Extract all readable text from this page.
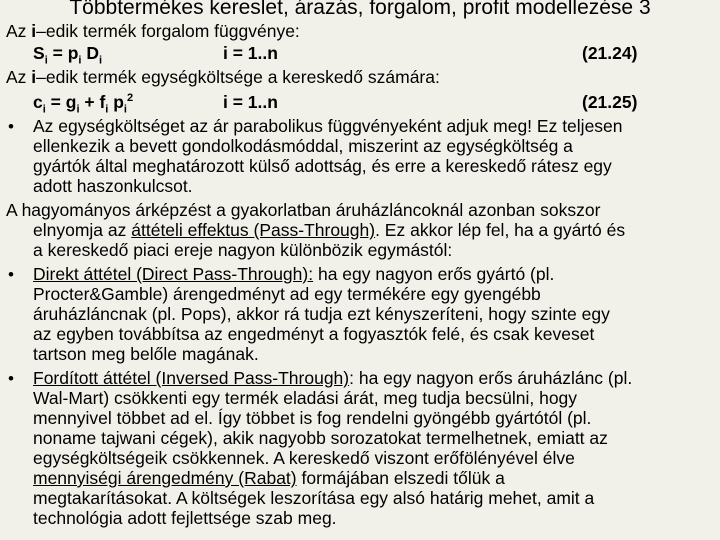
Többtermékes kereslet, árazás, forgalom, profit modellezése 3
Az i–edik termék forgalom függvénye:
$S_i = p_i$ $D_i$	i = 1..n	(21.24)
Az i–edik termék egységköltsége a kereskedő számára:
$c_i = g_i + f_i$ $p_i^2$	i = 1..n	(21.25)
• Az egységköltséget az ár parabolikus függvényeként adjuk meg! Ez teljesen
ellenkezik a bevett gondolkodásmóddal, miszerint az egységköltség a
gyártók által meghatározott külső adottság, és erre a kereskedő rátesz egy
adott haszonkulcsot.
A hagyományos árképzést a gyakorlatban áruházláncoknál azonban sokszor
elnyomja az áttételi effektus (Pass-Through). Ez akkor lép fel, ha a gyártó és
a kereskedő piaci ereje nagyon különbözik egymástól:
• Direkt áttétel (Direct Pass-Through): ha egy nagyon erős gyártó (pl.
Procter&Gamble) árengedményt ad egy termékére egy gyengébb
áruházláncnak (pl. Pops), akkor rá tudja ezt kényszeríteni, hogy szinte egy
az egyben továbbítsa az engedményt a fogyasztók felé, és csak keveset
tartson meg belőle magának.
• Fordított áttétel (Inversed Pass-Through): ha egy nagyon erős áruházlánc (pl.
Wal-Mart) csökkenti egy termék eladási árát, meg tudja becsülni, hogy
mennyivel többet ad el. Így többet is fog rendelni gyöngébb gyártótól (pl.
noname tajwani cégek), akik nagyobb sorozatokat termelhetnek, emiatt az
egységköltségeik csökkennek. A kereskedő viszont erőfölényével élve
mennyiségi árengedmény (Rabat) formájában elszedi tőlük a
megtakarításokat. A költségek leszorítása egy alsó határig mehet, amit a
technológia adott fejlettsége szab meg.
